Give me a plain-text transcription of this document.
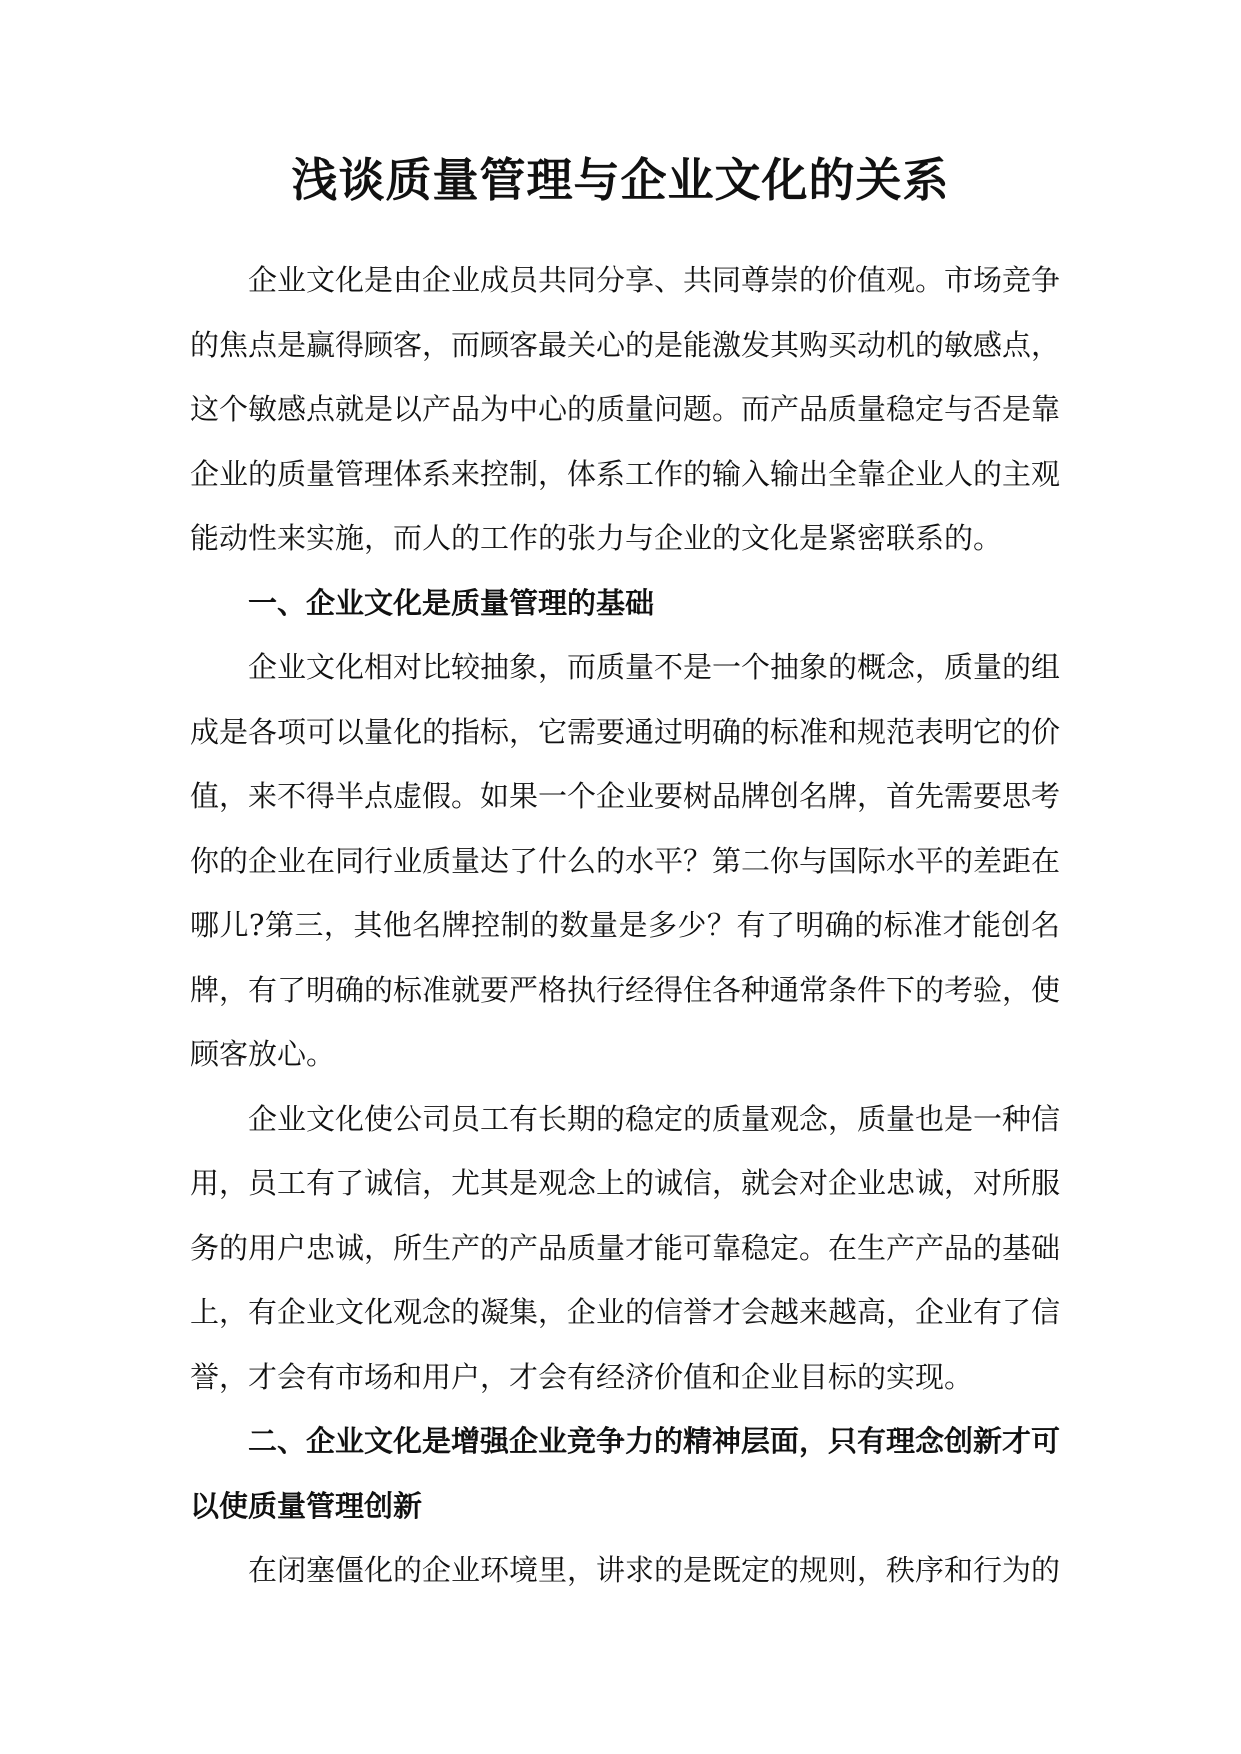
浅谈质量管理与企业文化的关系

企业文化是由企业成员共同分享、共同尊崇的价值观。市场竞争的焦点是赢得顾客，而顾客最关心的是能激发其购买动机的敏感点，这个敏感点就是以产品为中心的质量问题。而产品质量稳定与否是靠企业的质量管理体系来控制，体系工作的输入输出全靠企业人的主观能动性来实施，而人的工作的张力与企业的文化是紧密联系的。

一、企业文化是质量管理的基础

企业文化相对比较抽象，而质量不是一个抽象的概念，质量的组成是各项可以量化的指标，它需要通过明确的标准和规范表明它的价值，来不得半点虚假。如果一个企业要树品牌创名牌，首先需要思考你的企业在同行业质量达了什么的水平？第二你与国际水平的差距在哪儿?第三，其他名牌控制的数量是多少？有了明确的标准才能创名牌，有了明确的标准就要严格执行经得住各种通常条件下的考验，使顾客放心。

企业文化使公司员工有长期的稳定的质量观念，质量也是一种信用，员工有了诚信，尤其是观念上的诚信，就会对企业忠诚，对所服务的用户忠诚，所生产的产品质量才能可靠稳定。在生产产品的基础上，有企业文化观念的凝集，企业的信誉才会越来越高，企业有了信誉，才会有市场和用户，才会有经济价值和企业目标的实现。

二、企业文化是增强企业竞争力的精神层面，只有理念创新才可以使质量管理创新

在闭塞僵化的企业环境里，讲求的是既定的规则，秩序和行为的
